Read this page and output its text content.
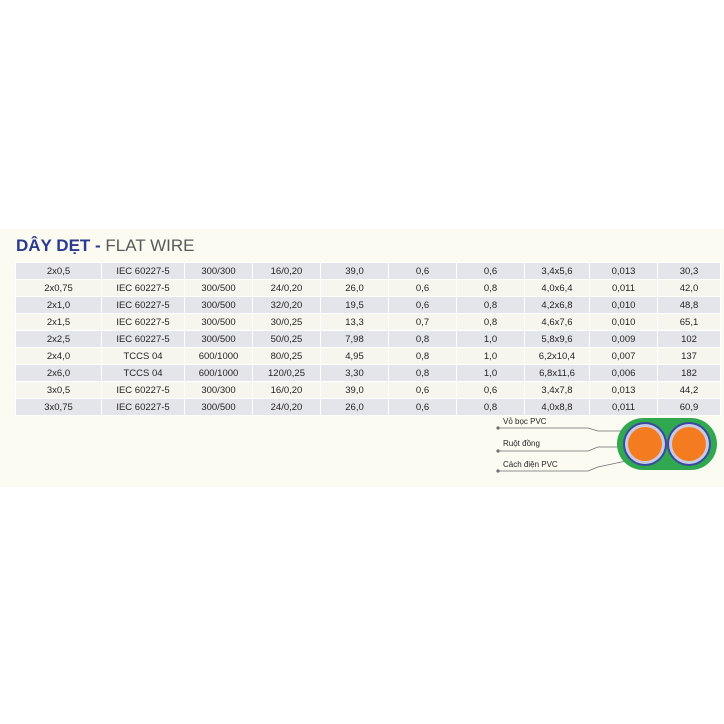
DÂY DẸT - FLAT WIRE
2x0,5	IEC 60227-5	300/300	16/0,20	39,0	0,6	0,6	3,4x5,6	0,013	30,3
2x0,75	IEC 60227-5	300/500	24/0,20	26,0	0,6	0,8	4,0x6,4	0,011	42,0
2x1,0	IEC 60227-5	300/500	32/0,20	19,5	0,6	0,8	4,2x6,8	0,010	48,8
2x1,5	IEC 60227-5	300/500	30/0,25	13,3	0,7	0,8	4,6x7,6	0,010	65,1
2x2,5	IEC 60227-5	300/500	50/0,25	7,98	0,8	1,0	5,8x9,6	0,009	102
2x4,0	TCCS 04	600/1000	80/0,25	4,95	0,8	1,0	6,2x10,4	0,007	137
2x6,0	TCCS 04	600/1000	120/0,25	3,30	0,8	1,0	6,8x11,6	0,006	182
3x0,5	IEC 60227-5	300/300	16/0,20	39,0	0,6	0,6	3,4x7,8	0,013	44,2
3x0,75	IEC 60227-5	300/500	24/0,20	26,0	0,6	0,8	4,0x8,8	0,011	60,9
Vỏ bọc PVC
Ruột đồng
Cách điện PVC
